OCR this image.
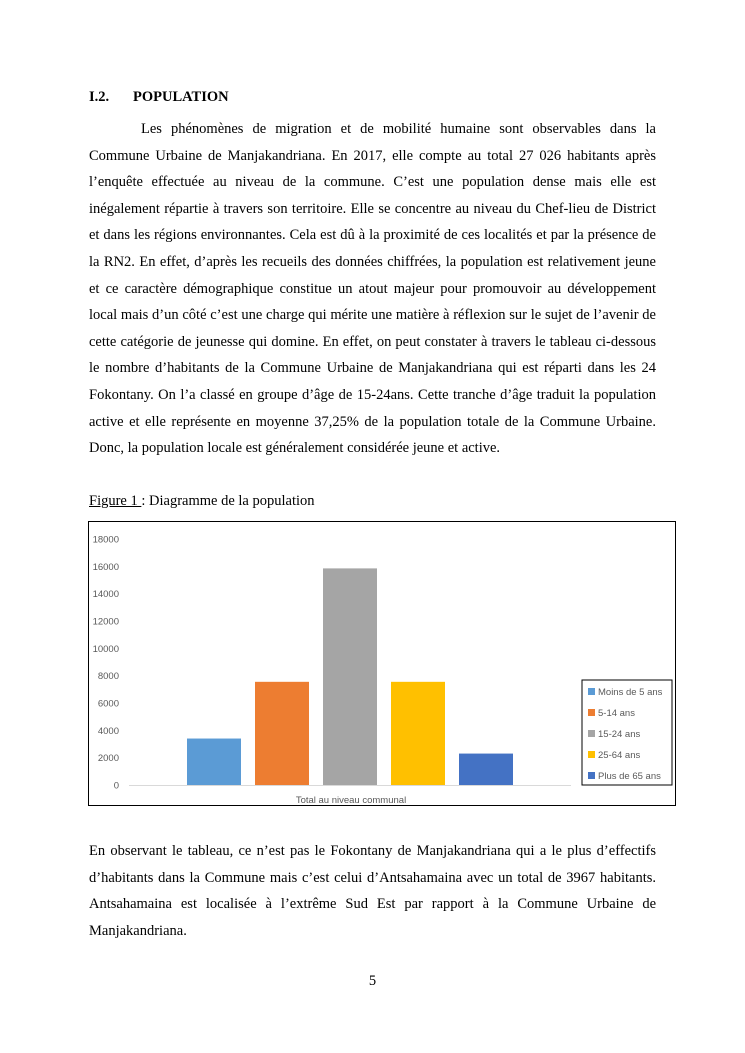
I.2. POPULATION

Les phénomènes de migration et de mobilité humaine sont observables dans la Commune Urbaine de Manjakandriana. En 2017, elle compte au total 27 026 habitants après l’enquête effectuée au niveau de la commune. C’est une population dense mais elle est inégalement répartie à travers son territoire. Elle se concentre au niveau du Chef-lieu de District et dans les régions environnantes. Cela est dû à la proximité de ces localités et par la présence de la RN2. En effet, d’après les recueils des données chiffrées, la population est relativement jeune et ce caractère démographique constitue un atout majeur pour promouvoir au développement local mais d’un côté c’est une charge qui mérite une matière à réflexion sur le sujet de l’avenir de cette catégorie de jeunesse qui domine. En effet, on peut constater à travers le tableau ci-dessous le nombre d’habitants de la Commune Urbaine de Manjakandriana qui est réparti dans les 24 Fokontany. On l’a classé en groupe d’âge de 15-24ans. Cette tranche d’âge traduit la population active et elle représente en moyenne 37,25% de la population totale de la Commune Urbaine. Donc, la population locale est généralement considérée jeune et active.

Figure 1 : Diagramme de la population

0
2000
4000
6000
8000
10000
12000
14000
16000
18000
Total au niveau communal
Moins de 5 ans
5-14 ans
15-24 ans
25-64 ans
Plus de 65 ans

En observant le tableau, ce n’est pas le Fokontany de Manjakandriana qui a le plus d’effectifs d’habitants dans la Commune mais c’est celui d’Antsahamaina avec un total de 3967 habitants. Antsahamaina est localisée à l’extrême Sud Est par rapport à la Commune Urbaine de Manjakandriana.

5
